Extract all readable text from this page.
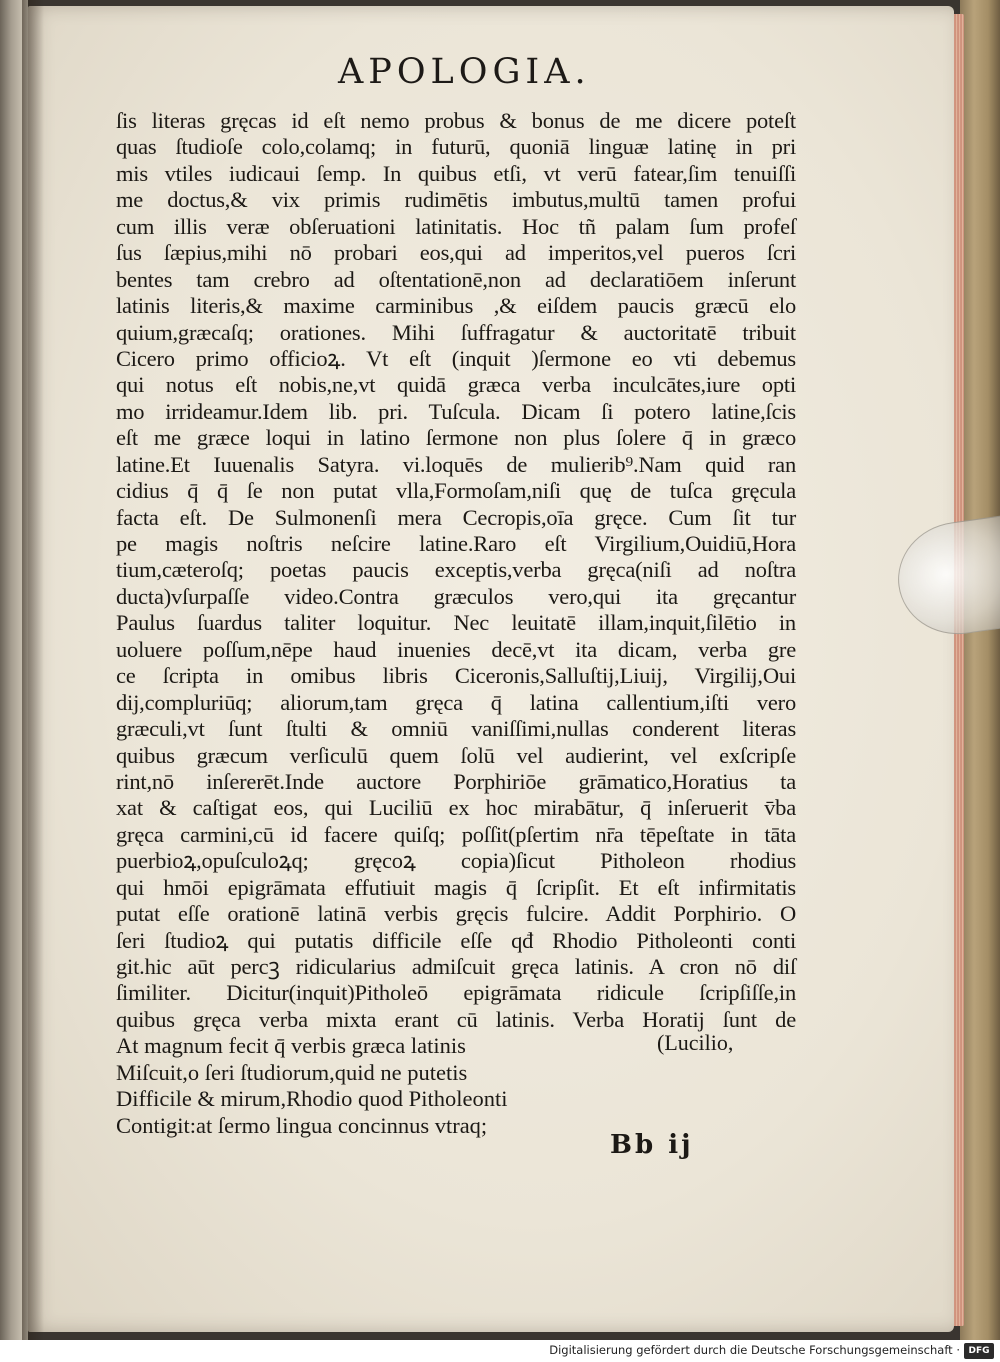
APOLOGIA.
ſis literas gręcas id eſt nemo probus & bonus de me dicere poteſt
quas ſtudioſe colo,colamq; in futurū, quoniā linguæ latinę in pri
mis vtiles iudicaui ſemp. In quibus etſi, vt verū fatear,ſim tenuiſſi
me doctus,& vix primis rudimētis imbutus,multū tamen profui
cum illis veræ obſeruationi latinitatis. Hoc tñ palam ſum profeſ
ſus ſæpius,mihi nō probari eos,qui ad imperitos,vel pueros ſcri
bentes tam crebro ad oſtentationē,non ad declaratiōem inſerunt
latinis literis,& maxime carminibus ,& eiſdem paucis græcū elo
quium,græcaſq; orationes. Mihi ſuffragatur & auctoritatē tribuit
Cicero primo officioꝝ. Vt eſt (inquit )ſermone eo vti debemus
qui notus eſt nobis,ne,vt quidā græca verba inculcātes,iure opti
mo irrideamur.Idem lib. pri. Tuſcula. Dicam ſi potero latine,ſcis
eſt me græce loqui in latino ſermone non plus ſolere q̄ in græco
latine.Et Iuuenalis Satyra. vi.loquēs de mulierib⁹.Nam quid ran
cidius q̄ q̄ ſe non putat vlla,Formoſam,niſi quę de tuſca gręcula
facta eſt. De Sulmonenſi mera Cecropis,oīa gręce. Cum ſit tur
pe magis noſtris neſcire latine.Raro eſt Virgilium,Ouidiū,Hora
tium,cæteroſq; poetas paucis exceptis,verba gręca(niſi ad noſtra
ducta)vſurpaſſe video.Contra græculos vero,qui ita gręcantur
Paulus ſuardus taliter loquitur. Nec leuitatē illam,inquit,ſilētio in
uoluere poſſum,nēpe haud inuenies decē,vt ita dicam, verba gre
ce ſcripta in omibus libris Ciceronis,Salluſtij,Liuij, Virgilij,Oui
dij,compluriūq; aliorum,tam gręca q̄ latina callentium,iſti vero
græculi,vt ſunt ſtulti & omniū vaniſſimi,nullas conderent literas
quibus græcum verſiculū quem ſolū vel audierint, vel exſcripſe
rint,nō inſererēt.Inde auctore Porphiriōe grāmatico,Horatius ta
xat & caſtigat eos, qui Luciliū ex hoc mirabātur, q̄ inſeruerit v̄ba
gręca carmini,cū id facere quiſq; poſſit(pſertim nr̄a tēpeſtate in tāta
puerbioꝝ,opuſculoꝝq; gręcoꝝ copia)ſicut Pitholeon rhodius
qui hmōi epigrāmata effutiuit magis q̄ ſcripſit. Et eſt infirmitatis
putat eſſe orationē latinā verbis gręcis fulcire. Addit Porphirio. O
ſeri ſtudioꝝ qui putatis difficile eſſe qđ Rhodio Pitholeonti conti
git.hic aūt percꝫ ridicularius admiſcuit gręca latinis. A cron nō diſ
ſimiliter. Dicitur(inquit)Pitholeō epigrāmata ridicule ſcripſiſſe,in
quibus gręca verba mixta erant cū latinis. Verba Horatij ſunt de
At magnum fecit q̄ verbis græca latinis
Miſcuit,o ſeri ſtudiorum,quid ne putetis
Difficile & mirum,Rhodio quod Pitholeonti
Contigit:at ſermo lingua concinnus vtraq;
(Lucilio,
Bb ij
Digitalisierung gefördert durch die Deutsche Forschungsgemeinschaft · DFG
